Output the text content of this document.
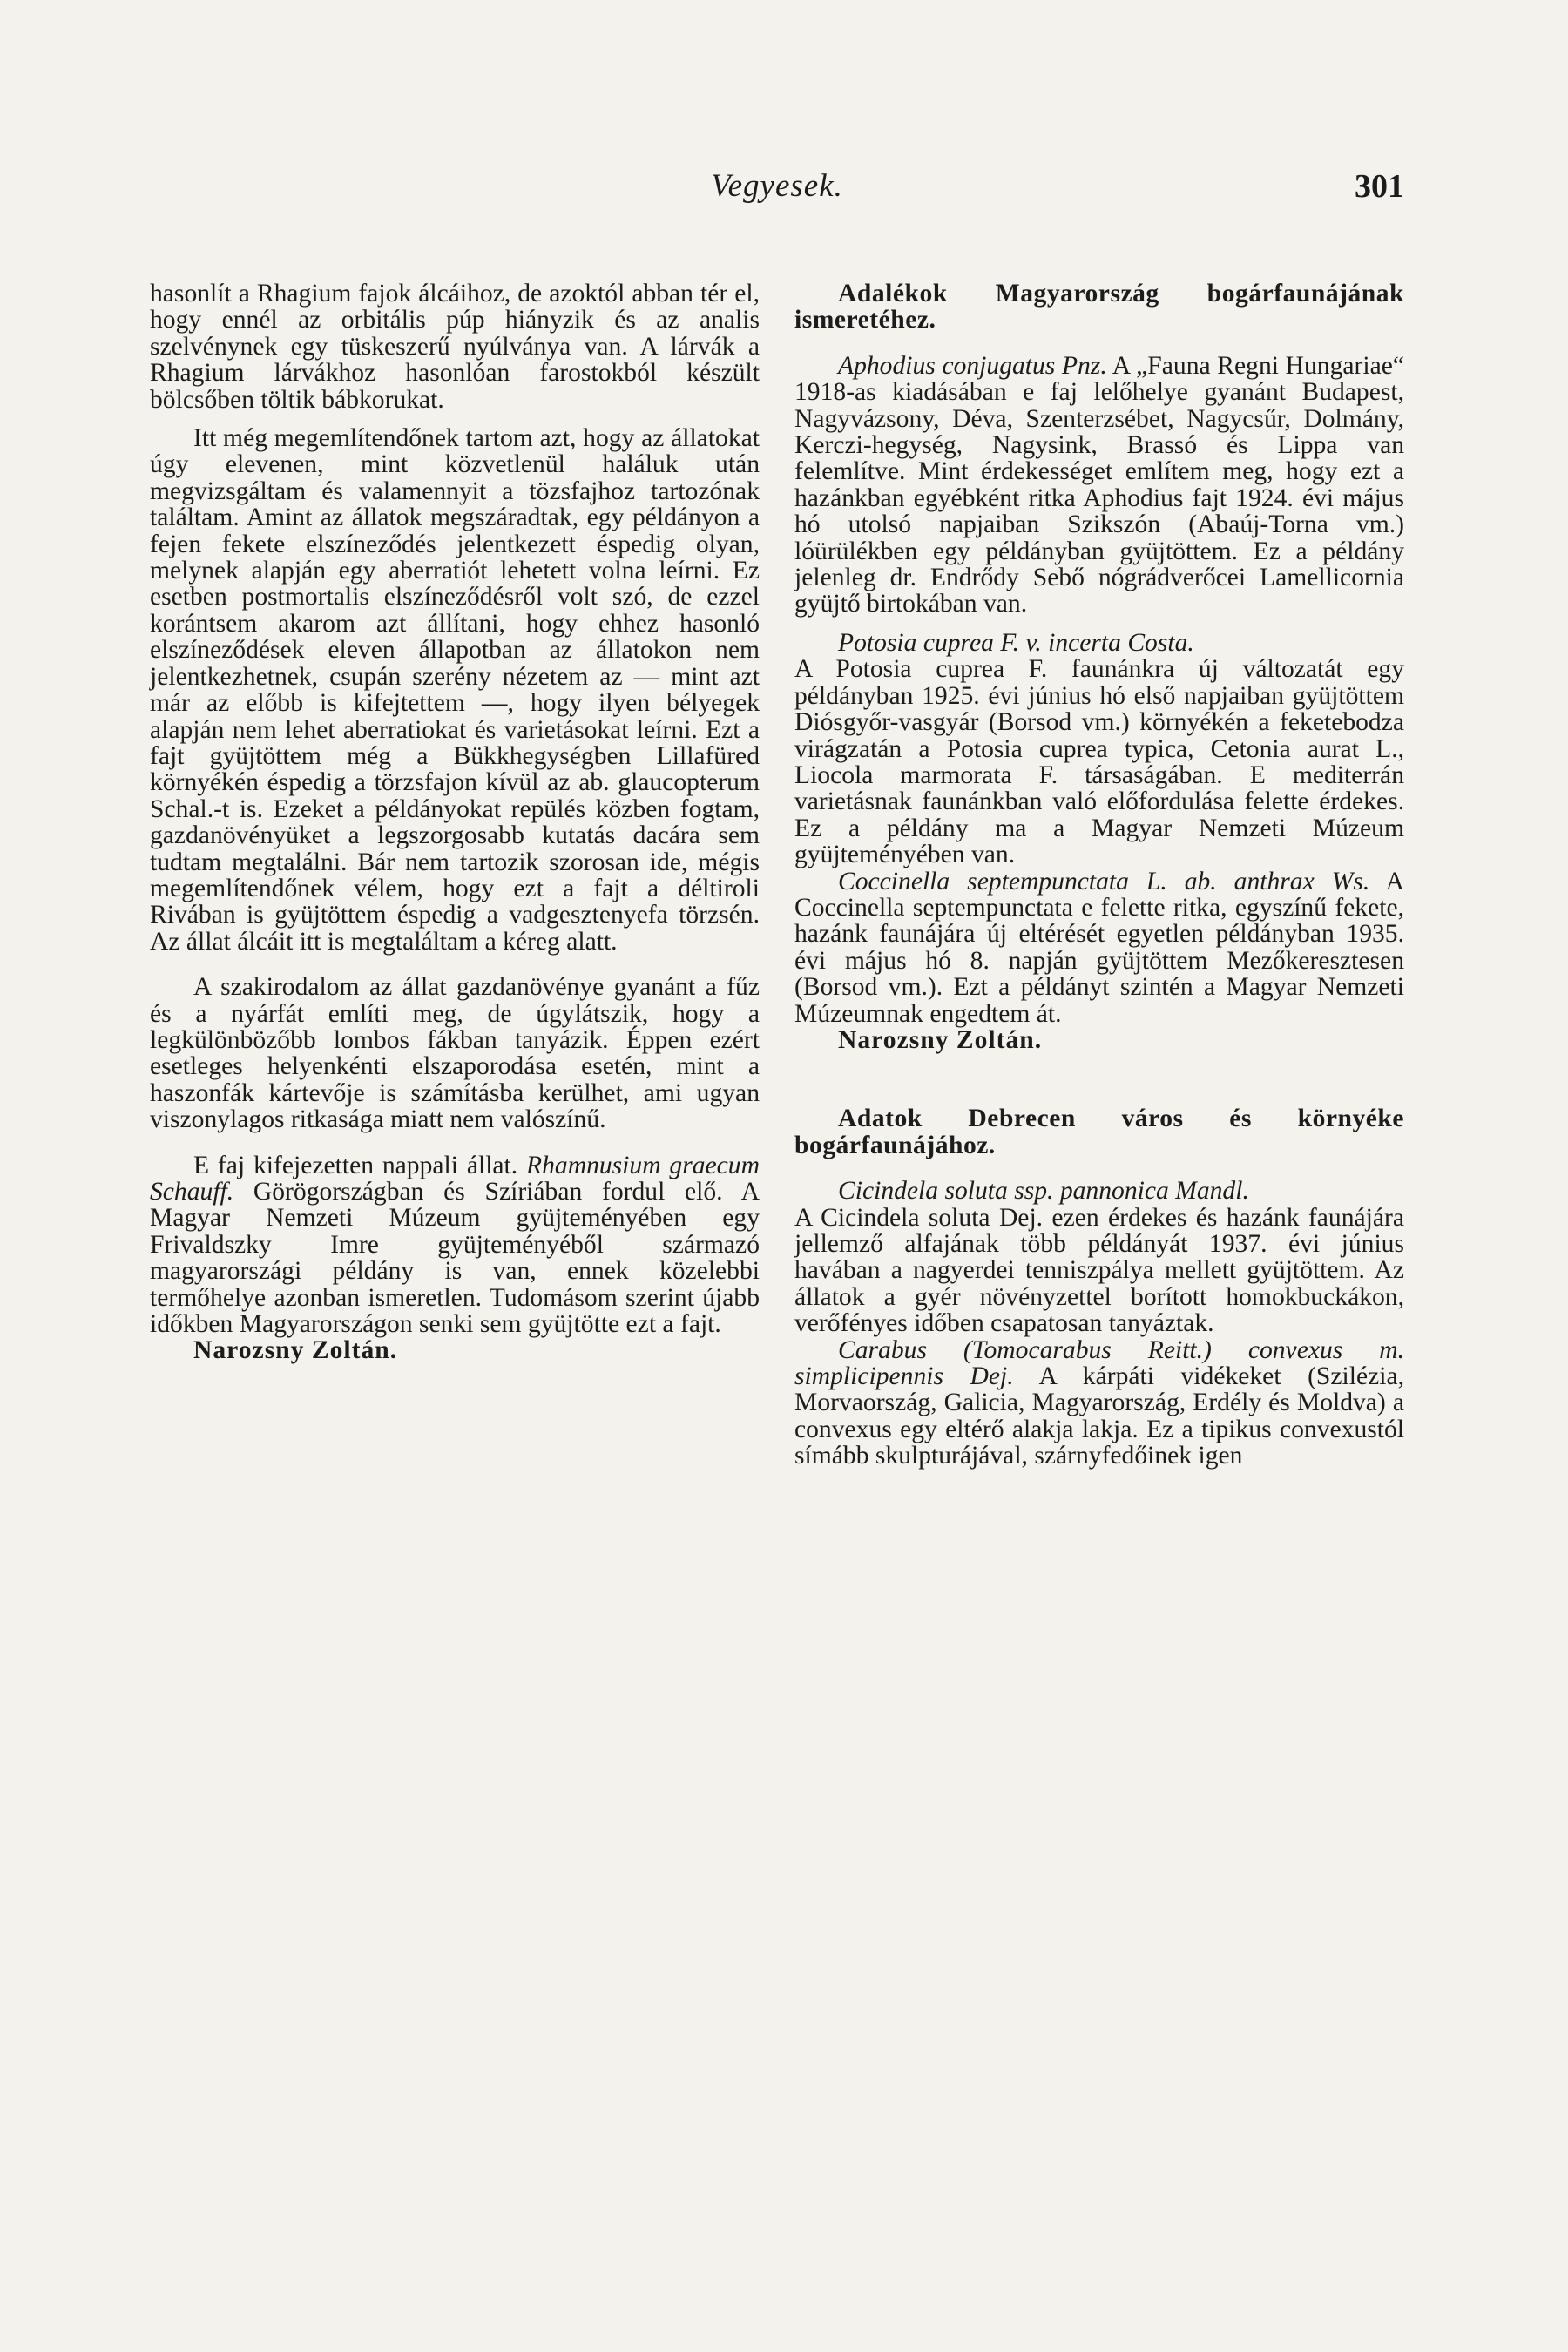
Vegyesek.	301

hasonlít a Rhagium fajok álcáihoz, de azoktól abban tér el, hogy ennél az orbitális púp hiányzik és az analis szelvénynek egy tüskeszerű nyúlványa van. A lárvák a Rhagium lárvákhoz hasonlóan farostokból készült bölcsőben töltik bábkorukat.

Itt még megemlítendőnek tartom azt, hogy az állatokat úgy elevenen, mint közvetlenül haláluk után megvizsgáltam és valamennyit a tözsfajhoz tartozónak találtam. Amint az állatok megszáradtak, egy példányon a fejen fekete elszíneződés jelentkezett éspedig olyan, melynek alapján egy aberratiót lehetett volna leírni. Ez esetben postmortalis elszíneződésről volt szó, de ezzel korántsem akarom azt állítani, hogy ehhez hasonló elszíneződések eleven állapotban az állatokon nem jelentkezhetnek, csupán szerény nézetem az — mint azt már az előbb is kifejtettem —, hogy ilyen bélyegek alapján nem lehet aberratiokat és varietásokat leírni. Ezt a fajt gyüjtöttem még a Bükkhegységben Lillafüred környékén éspedig a törzsfajon kívül az ab. glaucopterum Schal.-t is. Ezeket a példányokat repülés közben fogtam, gazdanövényüket a legszorgosabb kutatás dacára sem tudtam megtalálni. Bár nem tartozik szorosan ide, mégis megemlítendőnek vélem, hogy ezt a fajt a déltiroli Rivában is gyüjtöttem éspedig a vadgesztenyefa törzsén. Az állat álcáit itt is megtaláltam a kéreg alatt.

A szakirodalom az állat gazdanövénye gyanánt a fűz és a nyárfát említi meg, de úgylátszik, hogy a legkülönbözőbb lombos fákban tanyázik. Éppen ezért esetleges helyenkénti elszaporodása esetén, mint a haszonfák kártevője is számításba kerülhet, ami ugyan viszonylagos ritkasága miatt nem valószínű.

E faj kifejezetten nappali állat. Rhamnusium graecum Schauff. Görögországban és Szíriában fordul elő. A Magyar Nemzeti Múzeum gyüjteményében egy Frivaldszky Imre gyüjteményéből származó magyarországi példány is van, ennek közelebbi termőhelye azonban ismeretlen. Tudomásom szerint újabb időkben Magyarországon senki sem gyüjtötte ezt a fajt.

Narozsny Zoltán.

Adalékok Magyarország bogárfaunájának ismeretéhez.

Aphodius conjugatus Pnz. A „Fauna Regni Hungariae“ 1918-as kiadásában e faj lelőhelye gyanánt Budapest, Nagyvázsony, Déva, Szenterzsébet, Nagycsűr, Dolmány, Kerczi-hegység, Nagysink, Brassó és Lippa van felemlítve. Mint érdekességet említem meg, hogy ezt a hazánkban egyébként ritka Aphodius fajt 1924. évi május hó utolsó napjaiban Szikszón (Abaúj-Torna vm.) lóürülékben egy példányban gyüjtöttem. Ez a példány jelenleg dr. Endrődy Sebő nógrádverőcei Lamellicornia gyüjtő birtokában van.

Potosia cuprea F. v. incerta Costa.

A Potosia cuprea F. faunánkra új változatát egy példányban 1925. évi június hó első napjaiban gyüjtöttem Diósgyőr-vasgyár (Borsod vm.) környékén a feketebodza virágzatán a Potosia cuprea typica, Cetonia aurat L., Liocola marmorata F. társaságában. E mediterrán varietásnak faunánkban való előfordulása felette érdekes. Ez a példány ma a Magyar Nemzeti Múzeum gyüjteményében van.

Coccinella septempunctata L. ab. anthrax Ws. A Coccinella septempunctata e felette ritka, egyszínű fekete, hazánk faunájára új eltérését egyetlen példányban 1935. évi május hó 8. napján gyüjtöttem Mezőkeresztesen (Borsod vm.). Ezt a példányt szintén a Magyar Nemzeti Múzeumnak engedtem át.

Narozsny Zoltán.

Adatok Debrecen város és környéke bogárfaunájához.

Cicindela soluta ssp. pannonica Mandl.

A Cicindela soluta Dej. ezen érdekes és hazánk faunájára jellemző alfajának több példányát 1937. évi június havában a nagyerdei tenniszpálya mellett gyüjtöttem. Az állatok a gyér növényzettel borított homokbuckákon, verőfényes időben csapatosan tanyáztak.

Carabus (Tomocarabus Reitt.) convexus m. simplicipennis Dej. A kárpáti vidékeket (Szilézia, Morvaország, Galicia, Magyarország, Erdély és Moldva) a convexus egy eltérő alakja lakja. Ez a tipikus convexustól símább skulpturájával, szárnyfedőinek igen
